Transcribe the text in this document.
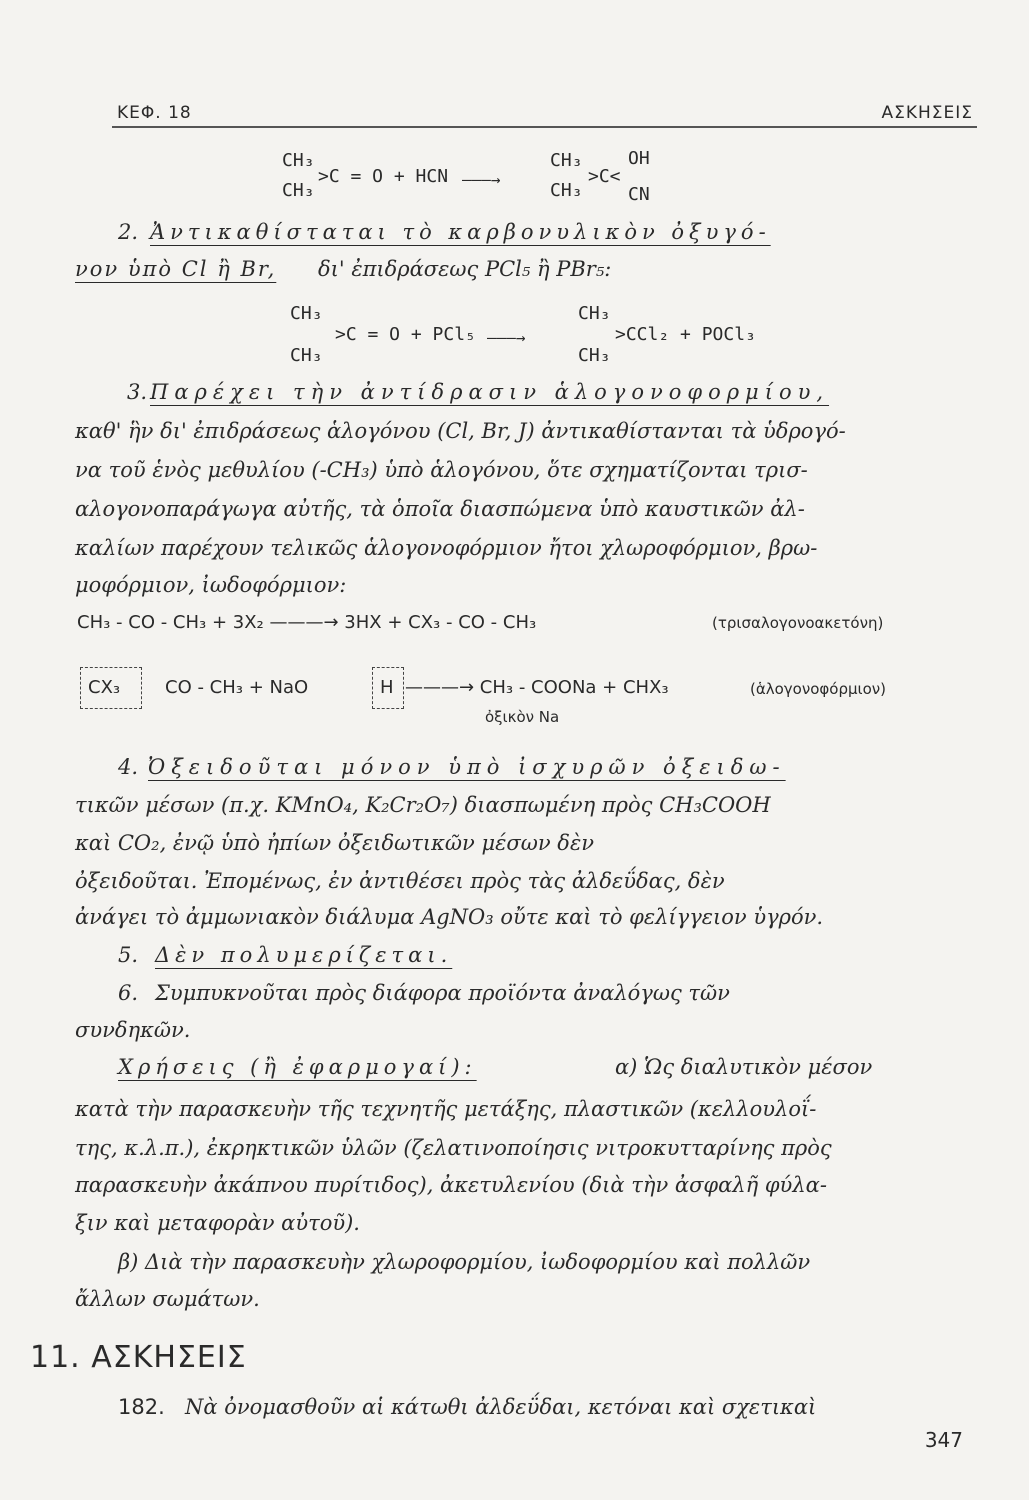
ΚΕΦ. 18	ΑΣΚΗΣΕΙΣ
CH₃
CH₃
>C = O + HCN ———→
CH₃
CH₃
>C<
OH
CN
2. Ἀντικαθίσταται τὸ καρβονυλικὸν ὀξυγό-
νον ὑπὸ Cl ἢ Br, δι' ἐπιδράσεως PCl₅ ἢ PBr₅:
CH₃
CH₃
>C = O + PCl₅ ———→
CH₃
CH₃
>CCl₂ + POCl₃
3. Παρέχει τὴν ἀντίδρασιν ἁλογονοφορμίου,
καθ' ἣν δι' ἐπιδράσεως ἁλογόνου (Cl, Br, J) ἀντικαθίστανται τὰ ὑδρογό-
να τοῦ ἑνὸς μεθυλίου (-CH₃) ὑπὸ ἁλογόνου, ὅτε σχηματίζονται τρισ-
αλογονοπαράγωγα αὐτῆς, τὰ ὁποῖα διασπώμενα ὑπὸ καυστικῶν ἀλ-
καλίων παρέχουν τελικῶς ἁλογονοφόρμιον ἤτοι χλωροφόρμιον, βρω-
μοφόρμιον, ἰωδοφόρμιον:
CH₃ - CO - CH₃ + 3X₂ ———→ 3HX + CX₃ - CO - CH₃	(τρισαλογονοακετόνη)
CX₃ CO - CH₃ + NaO	H ———→ CH₃ - COONa + CHX₃	(ἁλογονοφόρμιον)
ὀξικὸν Na
4. Ὀξειδοῦται μόνον ὑπὸ ἰσχυρῶν ὀξειδω-
τικῶν μέσων (π.χ. KMnO₄, K₂Cr₂O₇) διασπωμένη πρὸς CH₃COOH
καὶ CO₂, ἐνῷ ὑπὸ ἠπίων ὀξειδωτικῶν μέσων δὲν
ὀξειδοῦται. Ἐπομένως, ἐν ἀντιθέσει πρὸς τὰς ἀλδεΰδας, δὲν
ἀνάγει τὸ ἀμμωνιακὸν διάλυμα AgNO₃ οὔτε καὶ τὸ φελίγγειον ὑγρόν.
5. Δὲν πολυμερίζεται.
6. Συμπυκνοῦται πρὸς διάφορα προϊόντα ἀναλόγως τῶν
συνδηκῶν.
Χρήσεις (ἢ ἐφαρμογαί):	α) Ὡς διαλυτικὸν μέσον
κατὰ τὴν παρασκευὴν τῆς τεχνητῆς μετάξης, πλαστικῶν (κελλουλοΐ-
της, κ.λ.π.), ἐκρηκτικῶν ὑλῶν (ζελατινοποίησις νιτροκυτταρίνης πρὸς
παρασκευὴν ἀκάπνου πυρίτιδος), ἀκετυλενίου (διὰ τὴν ἀσφαλῆ φύλα-
ξιν καὶ μεταφορὰν αὐτοῦ).
β) Διὰ τὴν παρασκευὴν χλωροφορμίου, ἰωδοφορμίου καὶ πολλῶν
ἄλλων σωμάτων.
11. ΑΣΚΗΣΕΙΣ
182. Νὰ ὀνομασθοῦν αἱ κάτωθι ἀλδεΰδαι, κετόναι καὶ σχετικαὶ
347
